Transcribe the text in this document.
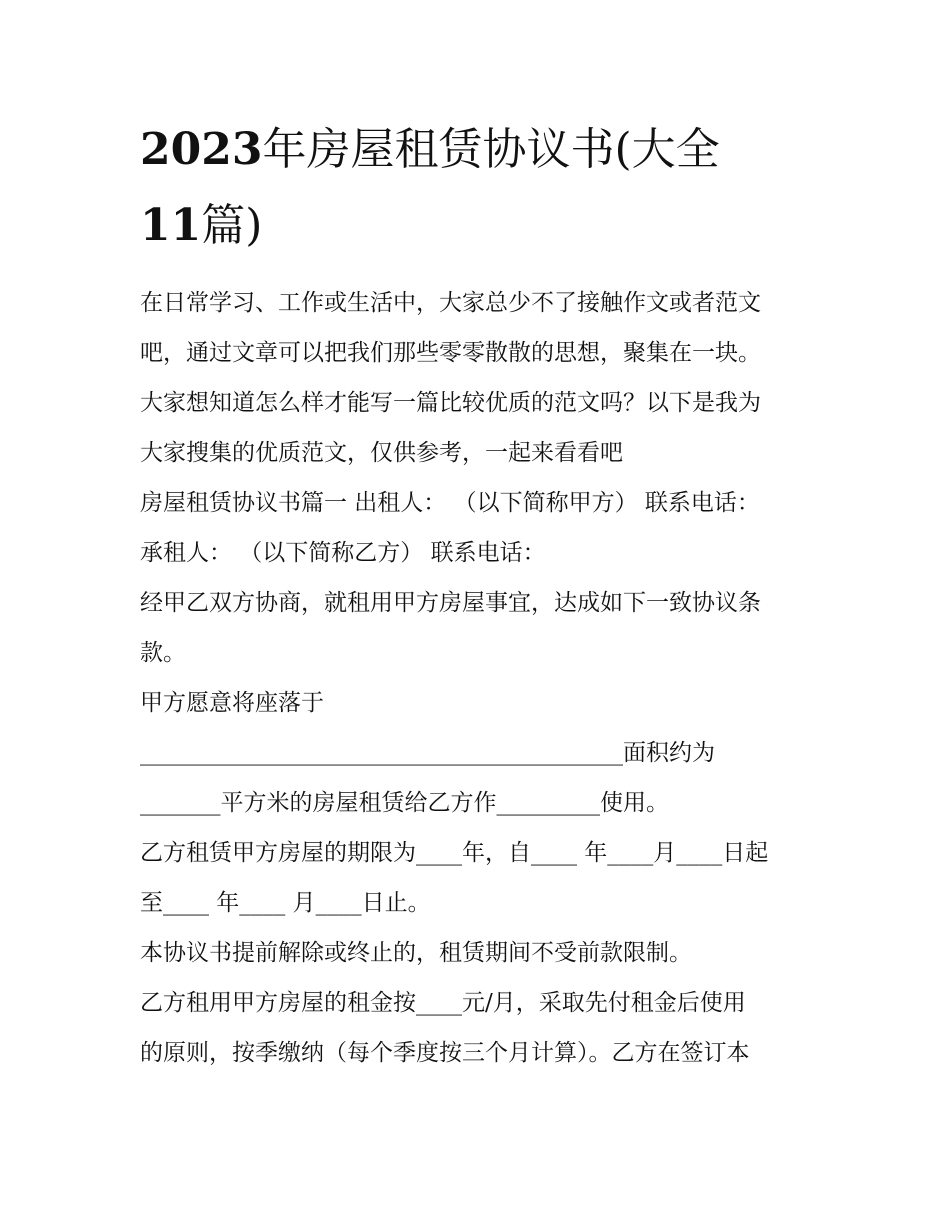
2023年房屋租赁协议书(大全
11篇)
在日常学习、工作或生活中，大家总少不了接触作文或者范文
吧，通过文章可以把我们那些零零散散的思想，聚集在一块。
大家想知道怎么样才能写一篇比较优质的范文吗？以下是我为
大家搜集的优质范文，仅供参考，一起来看看吧
房屋租赁协议书篇一 出租人： （以下简称甲方） 联系电话：
承租人： （以下简称乙方） 联系电话：
经甲乙双方协商，就租用甲方房屋事宜，达成如下一致协议条
款。
甲方愿意将座落于
__________________________________________面积约为
_______平方米的房屋租赁给乙方作_________使用。
乙方租赁甲方房屋的期限为____年，自____ 年____月____日起
至____ 年____ 月____日止。
本协议书提前解除或终止的，租赁期间不受前款限制。
乙方租用甲方房屋的租金按____元/月，采取先付租金后使用
的原则，按季缴纳（每个季度按三个月计算）。乙方在签订本
